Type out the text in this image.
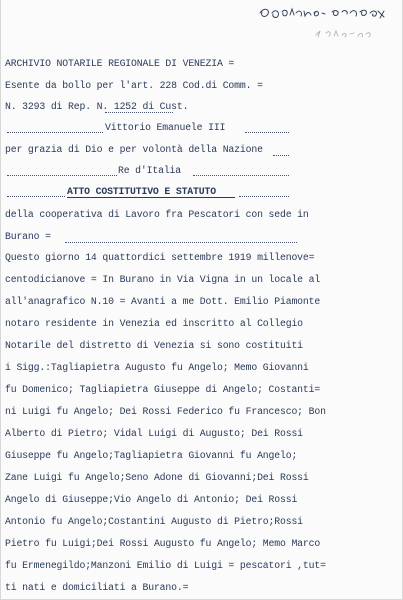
ARCHIVIO NOTARILE REGIONALE DI VENEZIA =
Esente da bollo per l'art. 228 Cod.di Comm. =
N. 3293 di Rep. N. 1252 di Cust.
Vittorio Emanuele III
per grazia di Dio e per volontà della Nazione
Re d'Italia
ATTO COSTITUTIVO E STATUTO
della cooperativa di Lavoro fra Pescatori con sede in
Burano =
Questo giorno 14 quattordici settembre 1919 millenove=
centodicianove = In Burano in Via Vigna in un locale al
all'anagrafico N.10 = Avanti a me Dott. Emilio Piamonte
notaro residente in Venezia ed inscritto al Collegio
Notarile del distretto di Venezia si sono costituiti
i Sigg.:Tagliapietra Augusto fu Angelo; Memo Giovanni
fu Domenico; Tagliapietra Giuseppe di Angelo; Costanti=
ni Luigi fu Angelo; Dei Rossi Federico fu Francesco; Bon
Alberto di Pietro; Vidal Luigi di Augusto; Dei Rossi
Giuseppe fu Angelo;Tagliapietra Giovanni fu Angelo;
Zane Luigi fu Angelo;Seno Adone di Giovanni;Dei Rossi
Angelo di Giuseppe;Vio Angelo di Antonio; Dei Rossi
Antonio fu Angelo;Costantini Augusto di Pietro;Rossi
Pietro fu Luigi;Dei Rossi Augusto fu Angelo; Memo Marco
fu Ermenegildo;Manzoni Emilio di Luigi = pescatori ,tut=
ti nati e domiciliati a Burano.=
